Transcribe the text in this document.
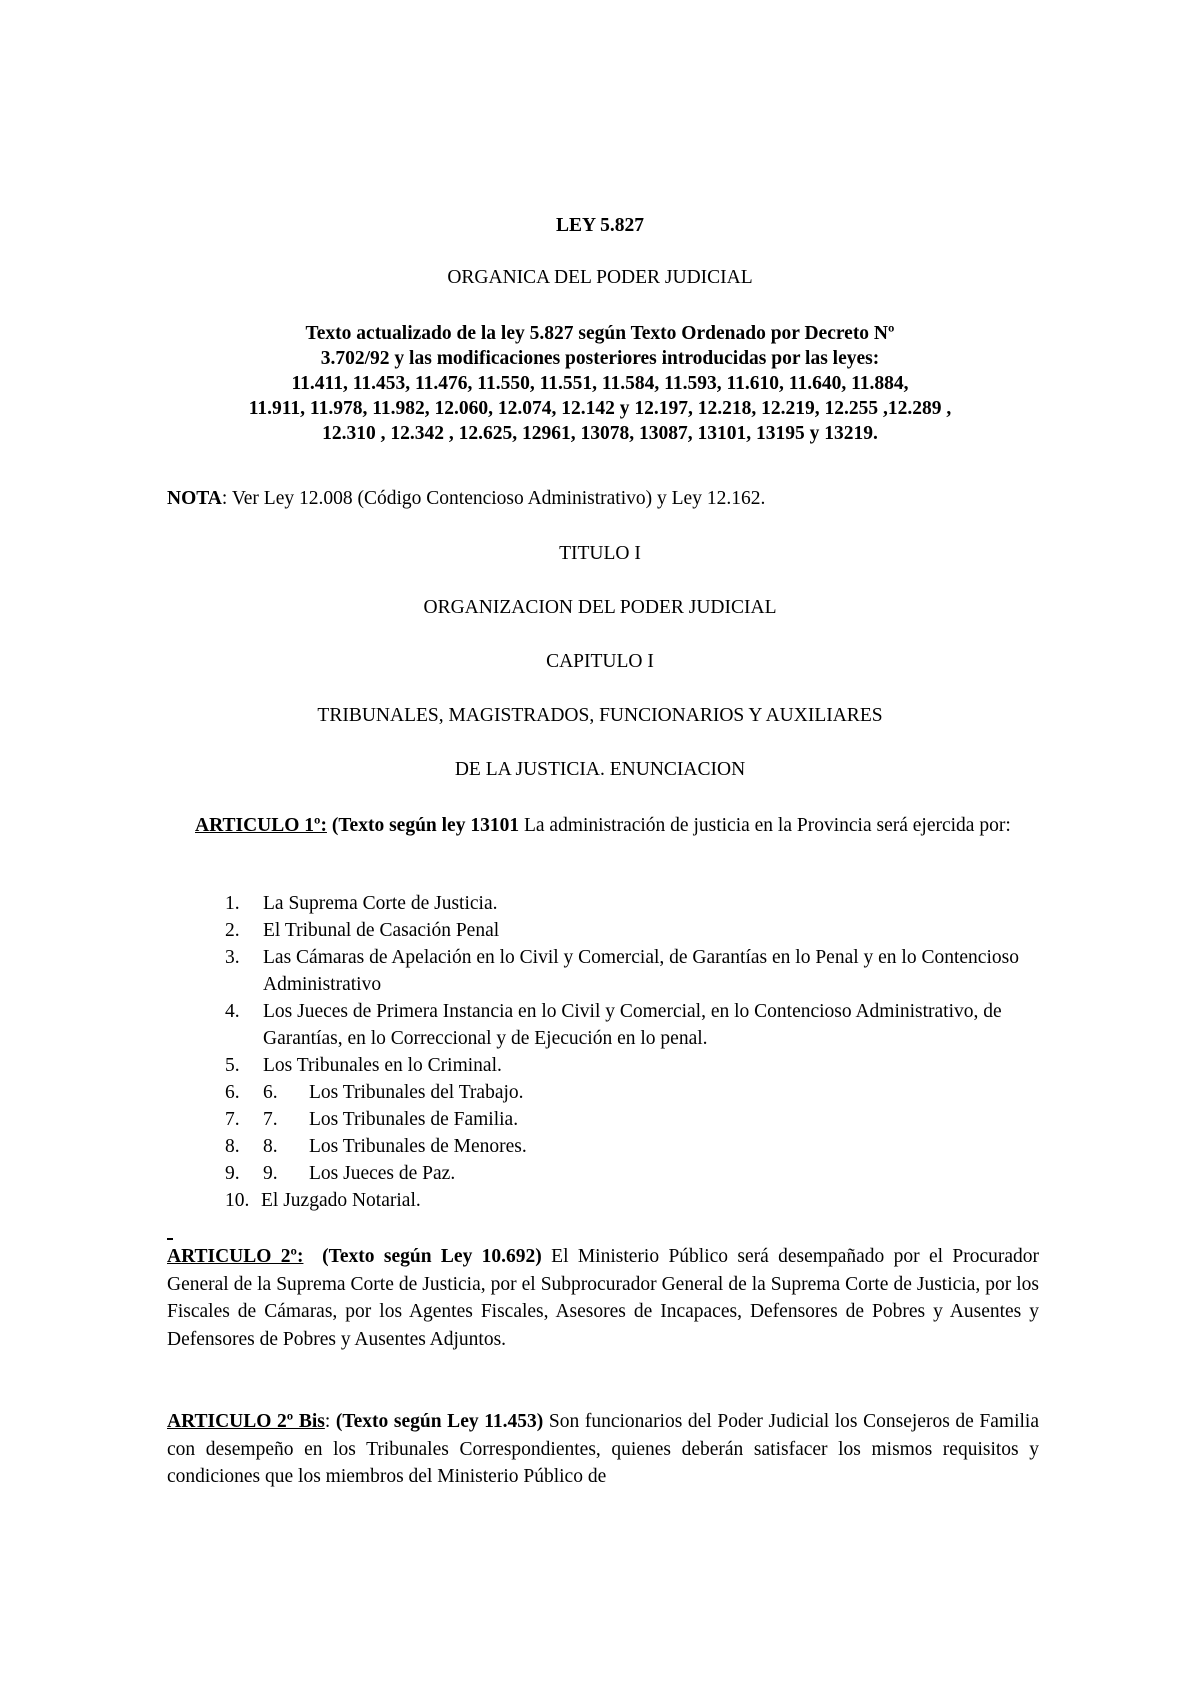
LEY 5.827
ORGANICA DEL PODER JUDICIAL
Texto actualizado de la ley 5.827 según Texto Ordenado por Decreto Nº
3.702/92 y las modificaciones posteriores introducidas por las leyes:
11.411, 11.453, 11.476, 11.550, 11.551, 11.584, 11.593, 11.610, 11.640, 11.884,
11.911, 11.978, 11.982, 12.060, 12.074, 12.142 y 12.197, 12.218, 12.219, 12.255 ,12.289 ,
12.310 , 12.342 , 12.625, 12961, 13078, 13087, 13101, 13195 y 13219.
NOTA: Ver Ley 12.008 (Código Contencioso Administrativo) y Ley 12.162.
TITULO I
ORGANIZACION DEL PODER JUDICIAL
CAPITULO I
TRIBUNALES, MAGISTRADOS, FUNCIONARIOS Y AUXILIARES
DE LA JUSTICIA. ENUNCIACION
ARTICULO 1º: (Texto según ley 13101 La administración de justicia en la Provincia será ejercida por:
1. La Suprema Corte de Justicia.
2. El Tribunal de Casación Penal
3. Las Cámaras de Apelación en lo Civil y Comercial, de Garantías en lo Penal y en lo Contencioso Administrativo
4. Los Jueces de Primera Instancia en lo Civil y Comercial, en lo Contencioso Administrativo, de Garantías, en lo Correccional y de Ejecución en lo penal.
5. Los Tribunales en lo Criminal.
6. 6. Los Tribunales del Trabajo.
7. 7. Los Tribunales de Familia.
8. 8. Los Tribunales de Menores.
9. 9. Los Jueces de Paz.
10. El Juzgado Notarial.
ARTICULO 2º: (Texto según Ley 10.692) El Ministerio Público será desempañado por el Procurador General de la Suprema Corte de Justicia, por el Subprocurador General de la Suprema Corte de Justicia, por los Fiscales de Cámaras, por los Agentes Fiscales, Asesores de Incapaces, Defensores de Pobres y Ausentes y Defensores de Pobres y Ausentes Adjuntos.
ARTICULO 2º Bis: (Texto según Ley 11.453) Son funcionarios del Poder Judicial los Consejeros de Familia con desempeño en los Tribunales Correspondientes, quienes deberán satisfacer los mismos requisitos y condiciones que los miembros del Ministerio Público de
